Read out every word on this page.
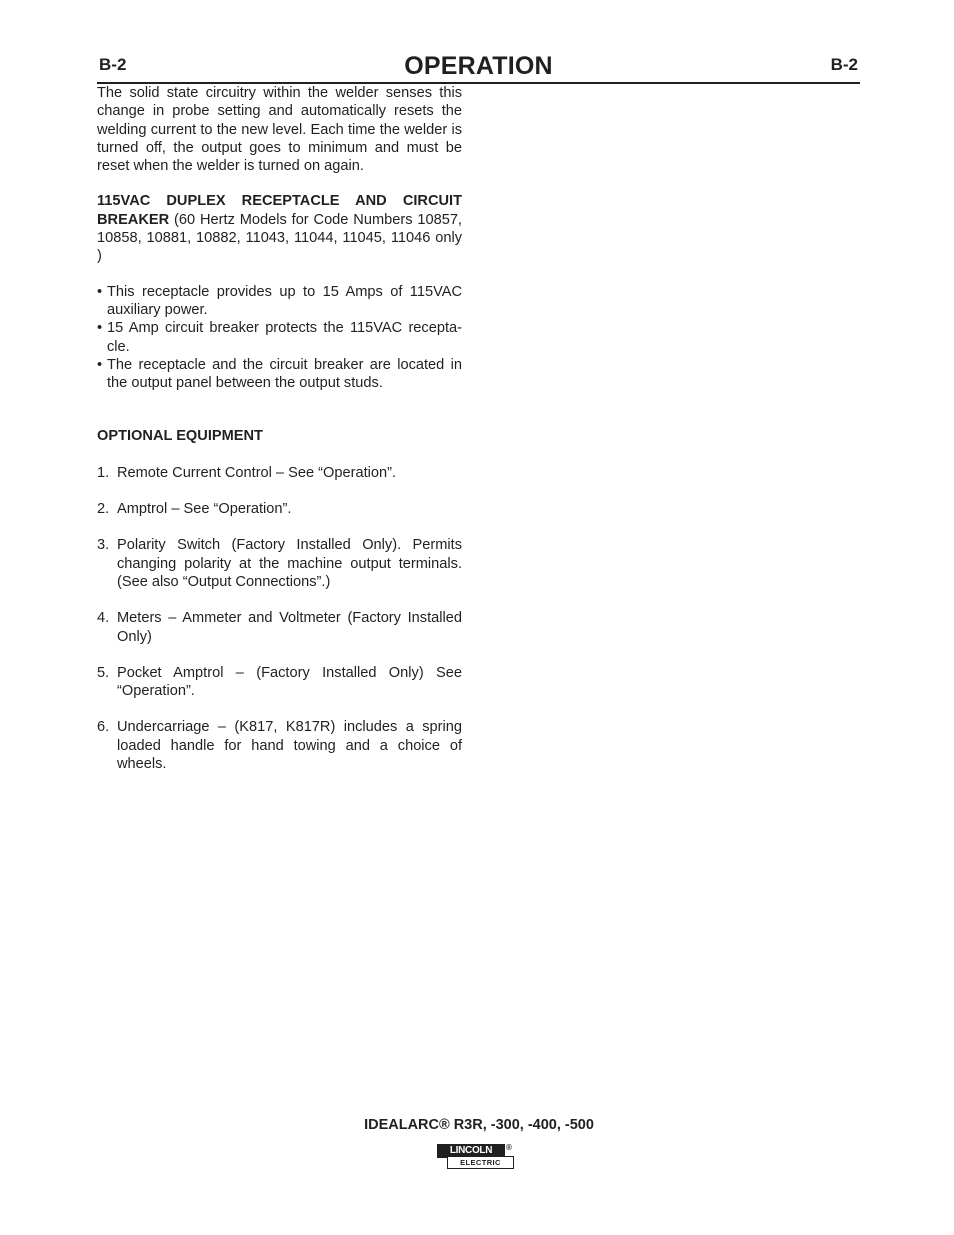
B-2	OPERATION	B-2

The solid state circuitry within the welder senses this change in probe setting and automatically resets the welding current to the new level. Each time the welder is turned off, the output goes to minimum and must be reset when the welder is turned on again.

115VAC DUPLEX RECEPTACLE AND CIRCUIT BREAKER (60 Hertz Models for Code Numbers 10857, 10858, 10881, 10882, 11043, 11044, 11045, 11046 only )

• This receptacle provides up to 15 Amps of 115VAC auxiliary power.
• 15 Amp circuit breaker protects the 115VAC recepta-cle.
• The receptacle and the circuit breaker are located in the output panel between the output studs.

OPTIONAL EQUIPMENT

1. Remote Current Control – See “Operation”.
2. Amptrol – See “Operation”.
3. Polarity Switch (Factory Installed Only). Permits changing polarity at the machine output terminals. (See also “Output Connections”.)
4. Meters – Ammeter and Voltmeter (Factory Installed Only)
5. Pocket Amptrol – (Factory Installed Only) See “Operation”.
6. Undercarriage – (K817, K817R) includes a spring loaded handle for hand towing and a choice of wheels.
IDEALARC® R3R, -300, -400, -500
LINCOLN	®
ELECTRIC
